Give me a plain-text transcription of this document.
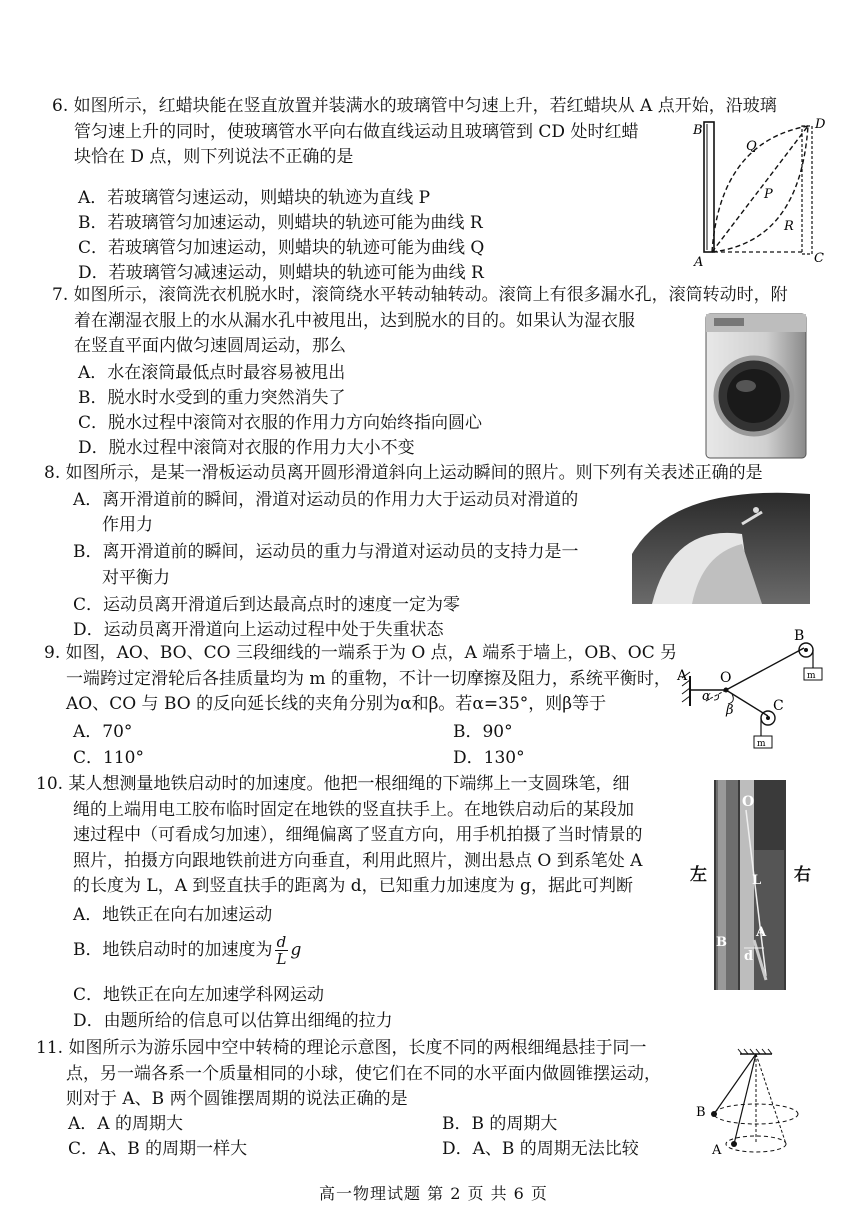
6. 如图所示，红蜡块能在竖直放置并装满水的玻璃管中匀速上升，若红蜡块从 A 点开始，沿玻璃
管匀速上升的同时，使玻璃管水平向右做直线运动且玻璃管到 CD 处时红蜡
块恰在 D 点，则下列说法不正确的是
A．若玻璃管匀速运动，则蜡块的轨迹为直线 P
B．若玻璃管匀加速运动，则蜡块的轨迹可能为曲线 R
C．若玻璃管匀加速运动，则蜡块的轨迹可能为曲线 Q
D．若玻璃管匀减速运动，则蜡块的轨迹可能为曲线 R
B	D
Q
P
R
A	C
7. 如图所示，滚筒洗衣机脱水时，滚筒绕水平转动轴转动。滚筒上有很多漏水孔，滚筒转动时，附
着在潮湿衣服上的水从漏水孔中被甩出，达到脱水的目的。如果认为湿衣服
在竖直平面内做匀速圆周运动，那么
A．水在滚筒最低点时最容易被甩出
B．脱水时水受到的重力突然消失了
C．脱水过程中滚筒对衣服的作用力方向始终指向圆心
D．脱水过程中滚筒对衣服的作用力大小不变
8. 如图所示，是某一滑板运动员离开圆形滑道斜向上运动瞬间的照片。则下列有关表述正确的是
A．离开滑道前的瞬间，滑道对运动员的作用力大于运动员对滑道的
作用力
B．离开滑道前的瞬间，运动员的重力与滑道对运动员的支持力是一
对平衡力
C．运动员离开滑道后到达最高点时的速度一定为零
D．运动员离开滑道向上运动过程中处于失重状态
9. 如图，AO、BO、CO 三段细线的一端系于为 O 点，A 端系于墙上，OB、OC 另
一端跨过定滑轮后各挂质量均为 m 的重物，不计一切摩擦及阻力，系统平衡时，
AO、CO 与 BO 的反向延长线的夹角分别为α和β。若α=35°，则β等于
A．70°	B．90°
C．110°	D．130°
A O
B
C
α
β
m
m
10. 某人想测量地铁启动时的加速度。他把一根细绳的下端绑上一支圆珠笔，细
绳的上端用电工胶布临时固定在地铁的竖直扶手上。在地铁启动后的某段加
速过程中（可看成匀加速），细绳偏离了竖直方向，用手机拍摄了当时情景的
照片，拍摄方向跟地铁前进方向垂直，利用此照片，测出悬点 O 到系笔处 A
的长度为 L，A 到竖直扶手的距离为 d，已知重力加速度为 g，据此可判断
A．地铁正在向右加速运动
B．地铁启动时的加速度为 $\frac{d}{L}$ g
C．地铁正在向左加速学科网运动
D．由题所给的信息可以估算出细绳的拉力
左	右
O
L
A
B
d
11. 如图所示为游乐园中空中转椅的理论示意图，长度不同的两根细绳悬挂于同一
点，另一端各系一个质量相同的小球，使它们在不同的水平面内做圆锥摆运动，
则对于 A、B 两个圆锥摆周期的说法正确的是
A．A 的周期大	B．B 的周期大
C．A、B 的周期一样大	D．A、B 的周期无法比较
B
A
高一物理试题 第 2 页 共 6 页
